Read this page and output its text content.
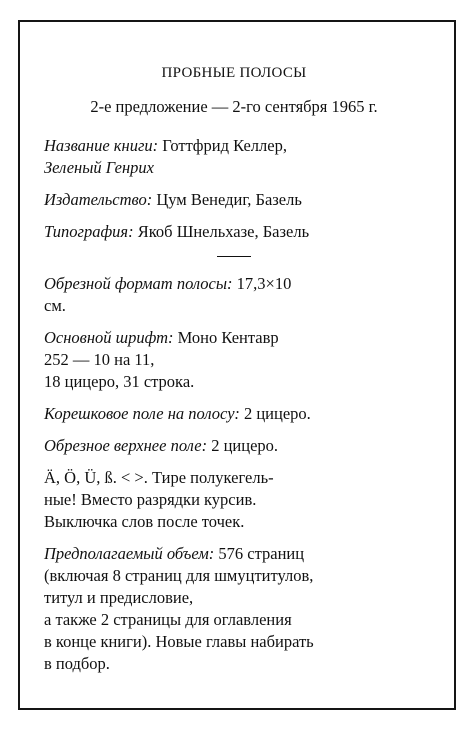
ПРОБНЫЕ ПОЛОСЫ
2-е предложение — 2-го сентября 1965 г.

Название книги: Готтфрид Келлер,
Зеленый Генрих

Издательство: Цум Венедиг, Базель

Типография: Якоб Шнельхазе, Базель

Обрезной формат полосы: 17,3×10
см.

Основной шрифт: Моно Кентавр
252 — 10 на 11,
18 цицеро, 31 строка.

Корешковое поле на полосу: 2 цицеро.

Обрезное верхнее поле: 2 цицеро.

Ä, Ö, Ü, ß. < >. Тире полукегель-
ные! Вместо разрядки курсив.
Выключка слов после точек.

Предполагаемый объем: 576 страниц
(включая 8 страниц для шмуцтитулов,
титул и предисловие,
а также 2 страницы для оглавления
в конце книги). Новые главы набирать
в подбор.
